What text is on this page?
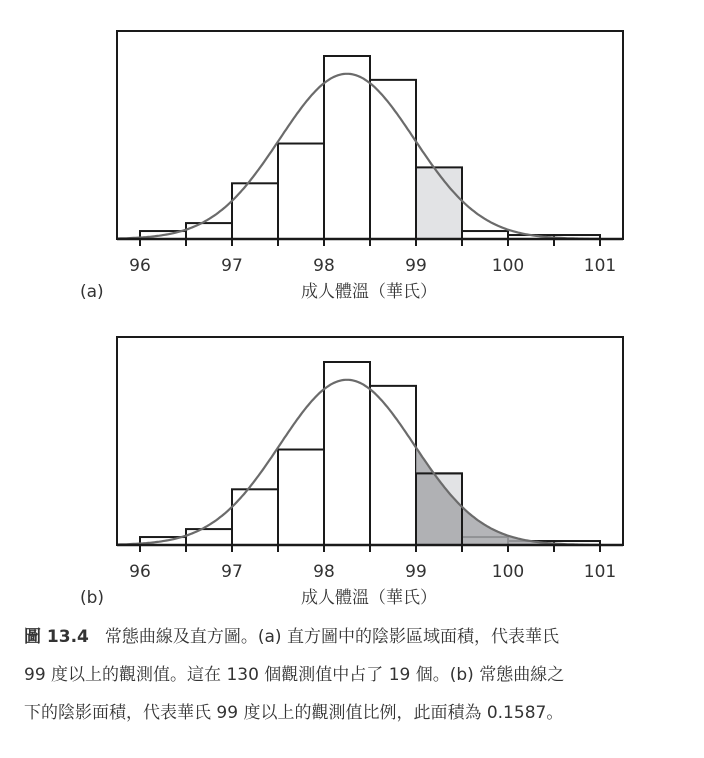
96	97	98	99	100	101
(a)	成人體溫（華氏）
96	97	98	99	100	101
(b)	成人體溫（華氏）
圖 13.4 常態曲線及直方圖。(a) 直方圖中的陰影區域面積，代表華氏
99 度以上的觀測值。這在 130 個觀測值中占了 19 個。(b) 常態曲線之
下的陰影面積，代表華氏 99 度以上的觀測值比例，此面積為 0.1587。
